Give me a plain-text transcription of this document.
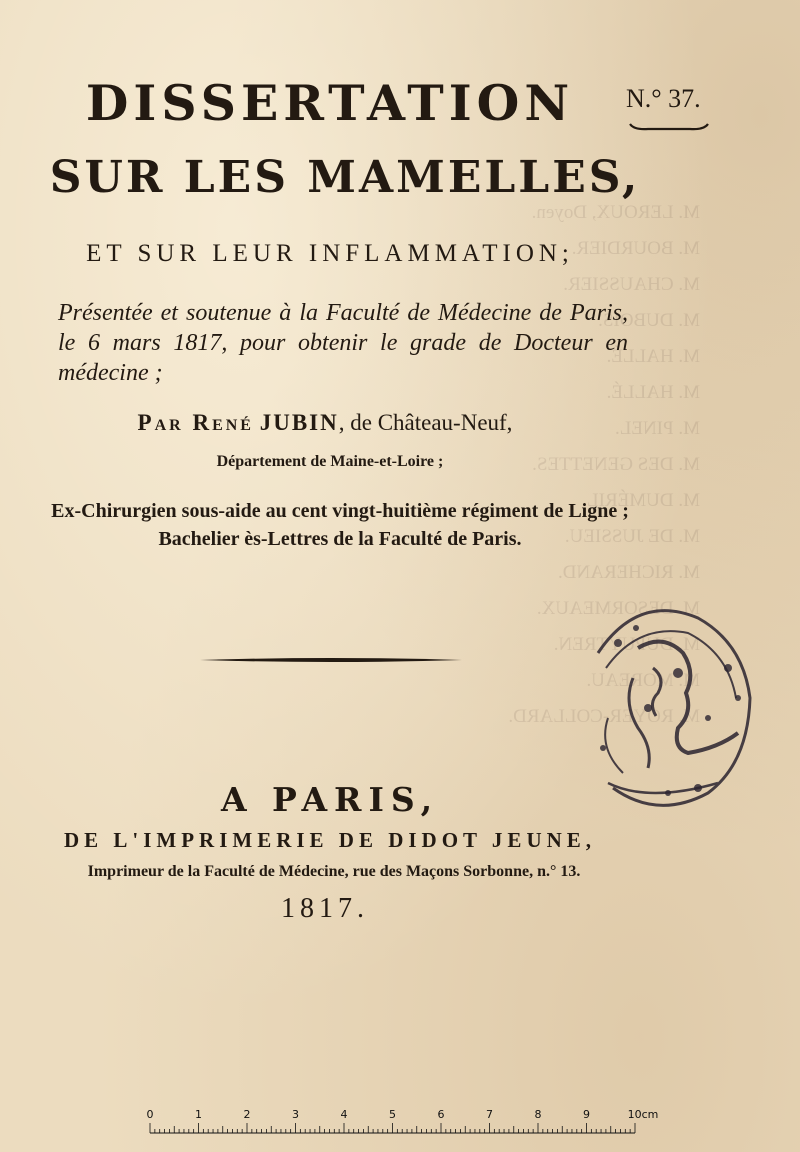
M. LEROUX, Doyen.
M. BOURDIER.
M. CHAUSSIER.
M. DUBOIS.
M. HALLÉ.
M. HALLÉ.
M. PINEL.
M. DES GENETTES.
M. DUMÉRIL.
M. DE JUSSIEU.
M. RICHERAND.
M. DESORMEAUX.
M. DUPUYTREN.
M. MOREAU.
M. ROYER-COLLARD.
DISSERTATION	N.° 37.
SUR LES MAMELLES,
ET SUR LEUR INFLAMMATION;
Présentée et soutenue à la Faculté de Médecine de Paris, le 6 mars 1817, pour obtenir le grade de Docteur en médecine ;
Par René JUBIN, de Château-Neuf,
Département de Maine-et-Loire ;
Ex-Chirurgien sous-aide au cent vingt-huitième régiment de Ligne ;
Bachelier ès-Lettres de la Faculté de Paris.
A PARIS,
DE L'IMPRIMERIE DE DIDOT JEUNE,
Imprimeur de la Faculté de Médecine, rue des Maçons Sorbonne, n.° 13.
1817.
0	1	2	3	4	5	6	7	8	9	10cm
